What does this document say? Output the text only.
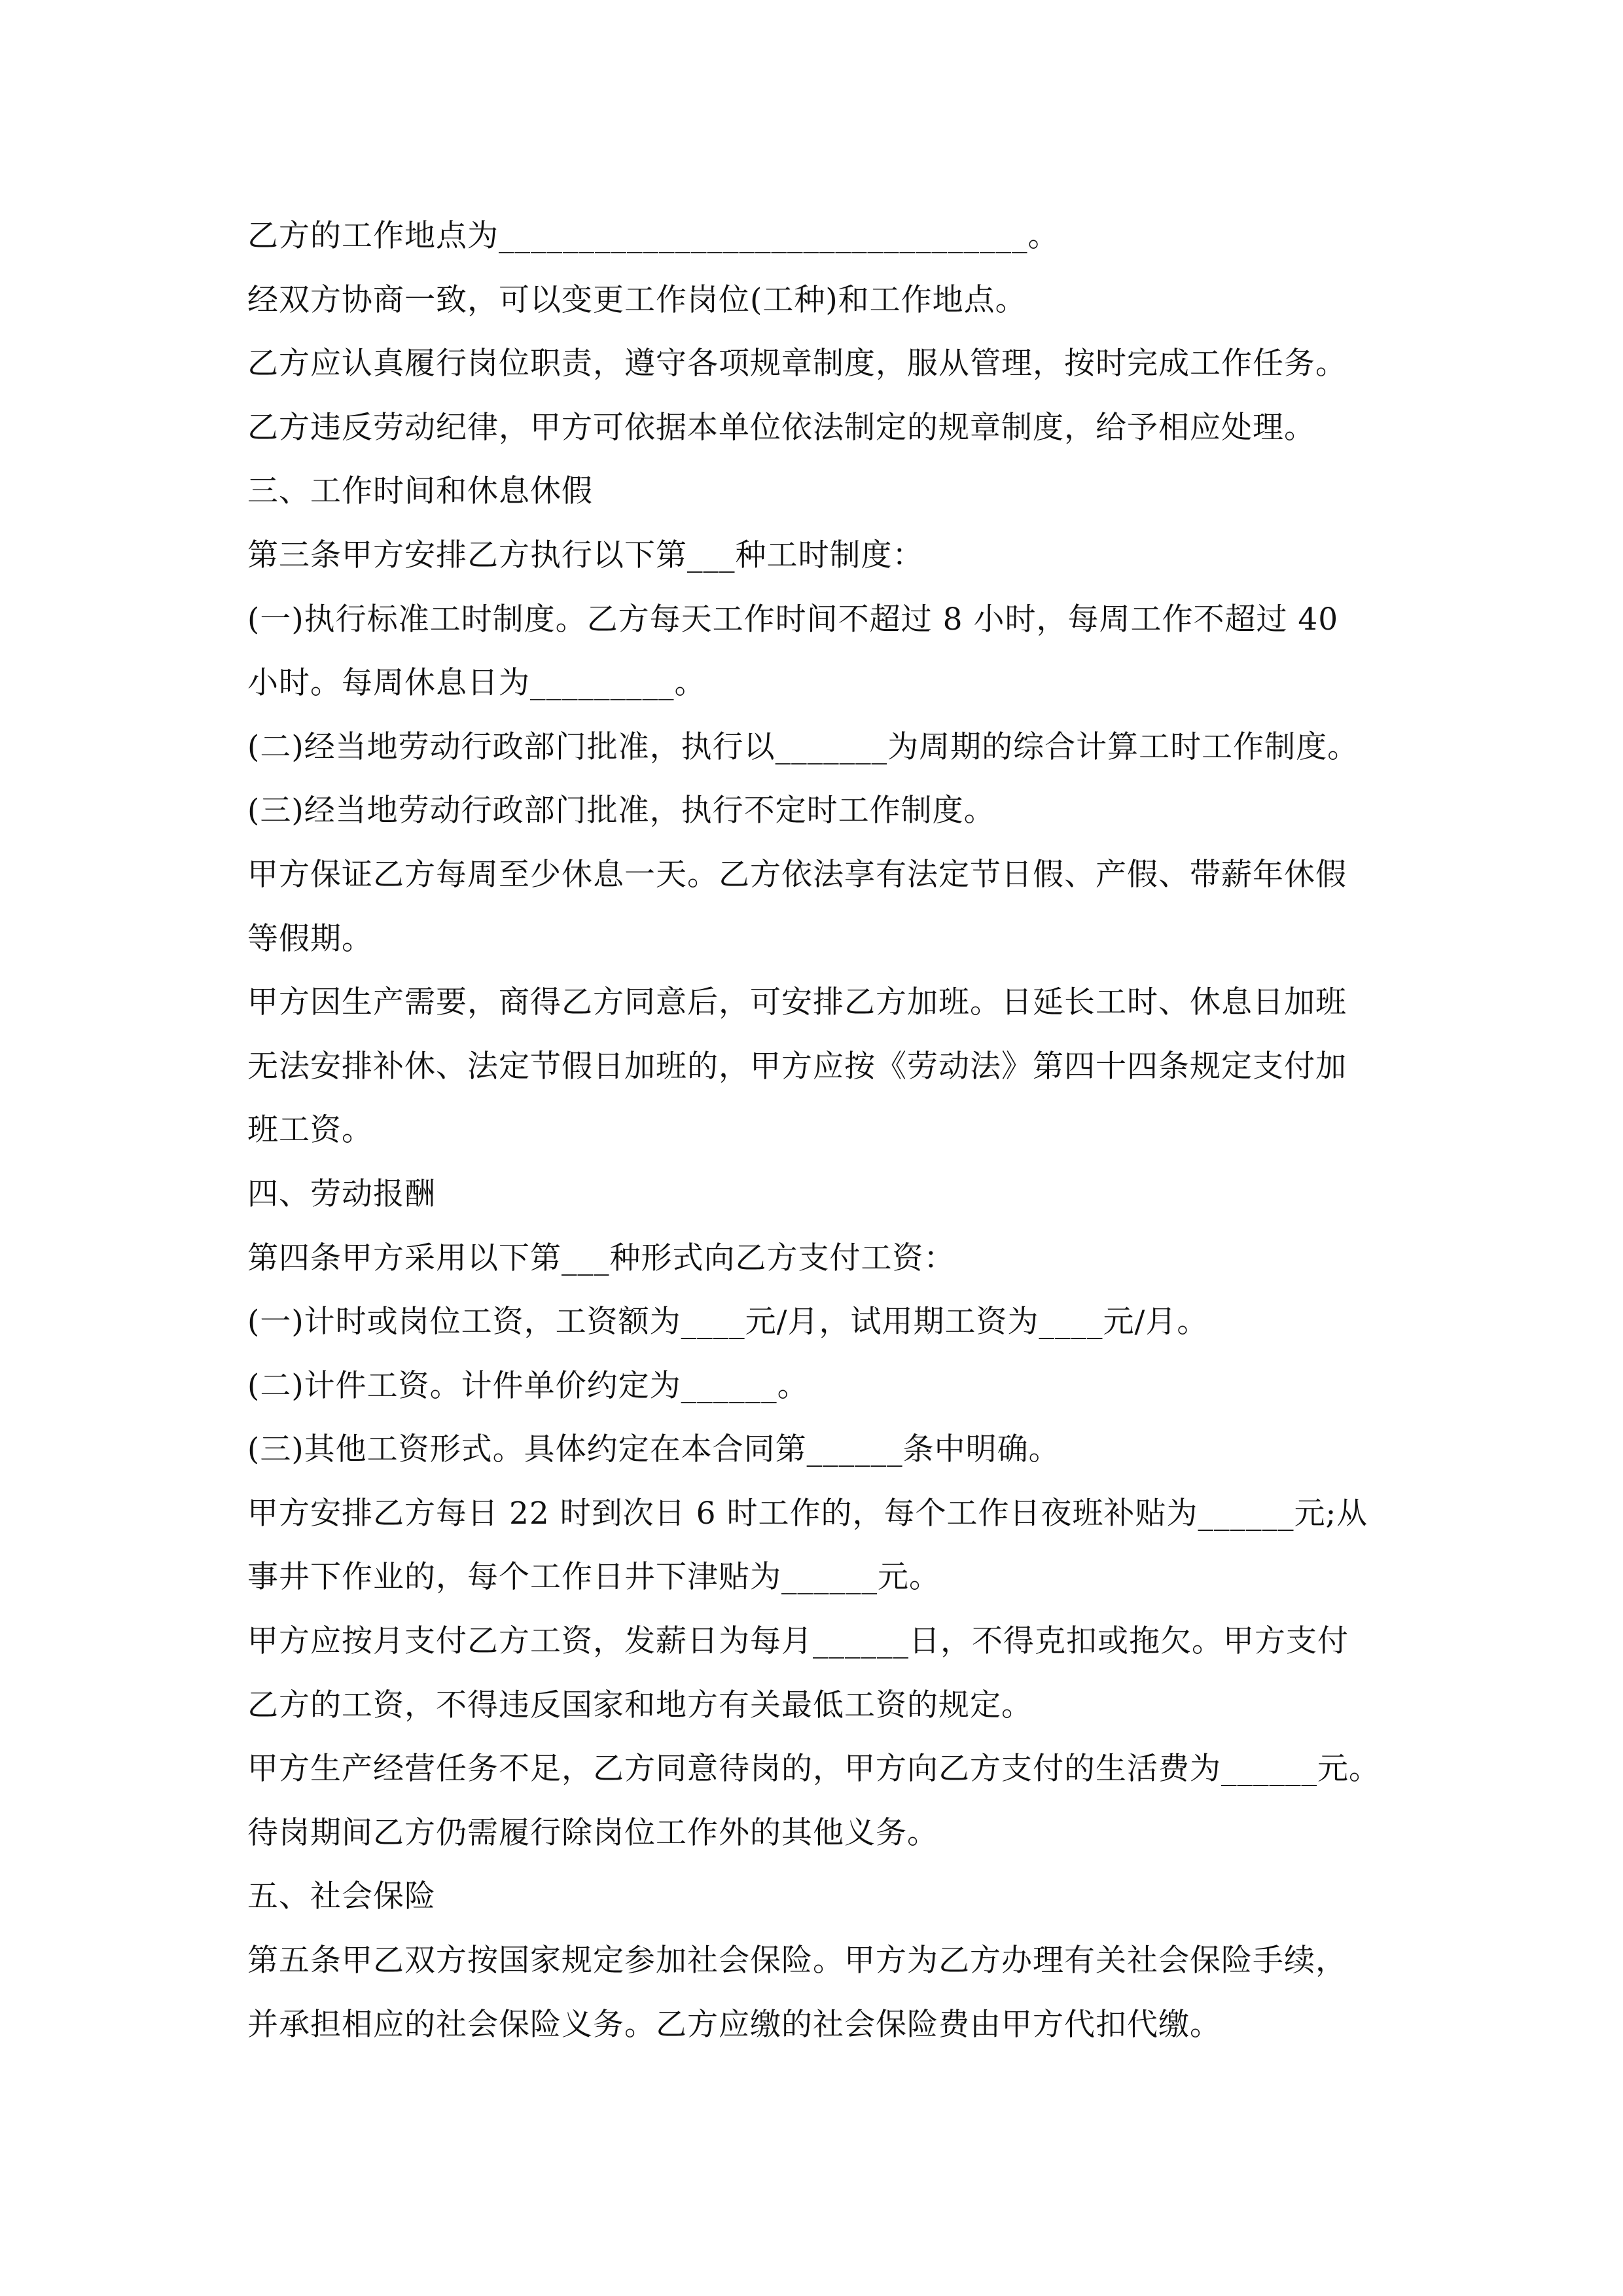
乙方的工作地点为_________________________________。
经双方协商一致，可以变更工作岗位(工种)和工作地点。
乙方应认真履行岗位职责，遵守各项规章制度，服从管理，按时完成工作任务。
乙方违反劳动纪律，甲方可依据本单位依法制定的规章制度，给予相应处理。
三、工作时间和休息休假
第三条甲方安排乙方执行以下第___种工时制度：
(一)执行标准工时制度。乙方每天工作时间不超过 8 小时，每周工作不超过 40
小时。每周休息日为_________。
(二)经当地劳动行政部门批准，执行以_______为周期的综合计算工时工作制度。
(三)经当地劳动行政部门批准，执行不定时工作制度。
甲方保证乙方每周至少休息一天。乙方依法享有法定节日假、产假、带薪年休假
等假期。
甲方因生产需要，商得乙方同意后，可安排乙方加班。日延长工时、休息日加班
无法安排补休、法定节假日加班的，甲方应按《劳动法》第四十四条规定支付加
班工资。
四、劳动报酬
第四条甲方采用以下第___种形式向乙方支付工资：
(一)计时或岗位工资，工资额为____元/月，试用期工资为____元/月。
(二)计件工资。计件单价约定为______。
(三)其他工资形式。具体约定在本合同第______条中明确。
甲方安排乙方每日 22 时到次日 6 时工作的，每个工作日夜班补贴为______元;从
事井下作业的，每个工作日井下津贴为______元。
甲方应按月支付乙方工资，发薪日为每月______日，不得克扣或拖欠。甲方支付
乙方的工资，不得违反国家和地方有关最低工资的规定。
甲方生产经营任务不足，乙方同意待岗的，甲方向乙方支付的生活费为______元。
待岗期间乙方仍需履行除岗位工作外的其他义务。
五、社会保险
第五条甲乙双方按国家规定参加社会保险。甲方为乙方办理有关社会保险手续，
并承担相应的社会保险义务。乙方应缴的社会保险费由甲方代扣代缴。
